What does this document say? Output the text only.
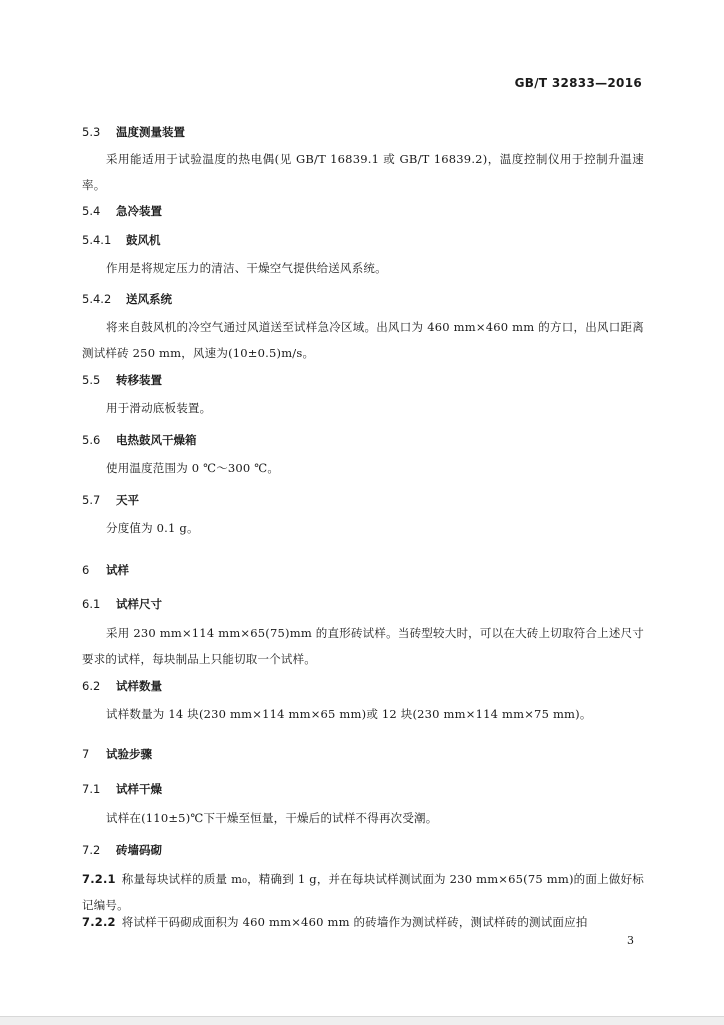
GB/T 32833—2016
5.3 温度测量装置
采用能适用于试验温度的热电偶(见 GB/T 16839.1 或 GB/T 16839.2)，温度控制仪用于控制升温速率。
5.4 急冷装置
5.4.1 鼓风机
作用是将规定压力的清洁、干燥空气提供给送风系统。
5.4.2 送风系统
将来自鼓风机的冷空气通过风道送至试样急冷区域。出风口为 460 mm×460 mm 的方口，出风口距离测试样砖 250 mm，风速为(10±0.5)m/s。
5.5 转移装置
用于滑动底板装置。
5.6 电热鼓风干燥箱
使用温度范围为 0 ℃～300 ℃。
5.7 天平
分度值为 0.1 g。
6 试样
6.1 试样尺寸
采用 230 mm×114 mm×65(75)mm 的直形砖试样。当砖型较大时，可以在大砖上切取符合上述尺寸要求的试样，每块制品上只能切取一个试样。
6.2 试样数量
试样数量为 14 块(230 mm×114 mm×65 mm)或 12 块(230 mm×114 mm×75 mm)。
7 试验步骤
7.1 试样干燥
试样在(110±5)℃下干燥至恒量，干燥后的试样不得再次受潮。
7.2 砖墙码砌
7.2.1 称量每块试样的质量 m₀，精确到 1 g，并在每块试样测试面为 230 mm×65(75 mm)的面上做好标记编号。
7.2.2 将试样干码砌成面积为 460 mm×460 mm 的砖墙作为测试样砖，测试样砖的测试面应拍
3
